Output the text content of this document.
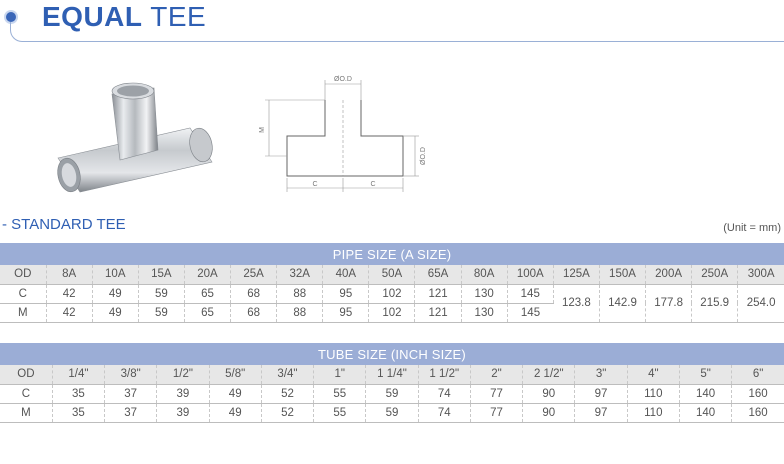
EQUAL TEE
ØO.D
M
ØO.D
C	C
- STANDARD TEE	(Unit = mm)
PIPE SIZE (A SIZE)																
OD	8A	10A	15A	20A	25A	32A	40A	50A	65A	80A	100A	125A	150A	200A	250A	300A
C	42	49	59	65	68	88	95	102	121	130	145	123.8	142.9	177.8	215.9	254.0
M	42	49	59	65	68	88	95	102	121	130	145					
TUBE SIZE (INCH SIZE)														
OD	1/4"	3/8"	1/2"	5/8"	3/4"	1"	1 1/4"	1 1/2"	2"	2 1/2"	3"	4"	5"	6"
C	35	37	39	49	52	55	59	74	77	90	97	110	140	160
M	35	37	39	49	52	55	59	74	77	90	97	110	140	160
